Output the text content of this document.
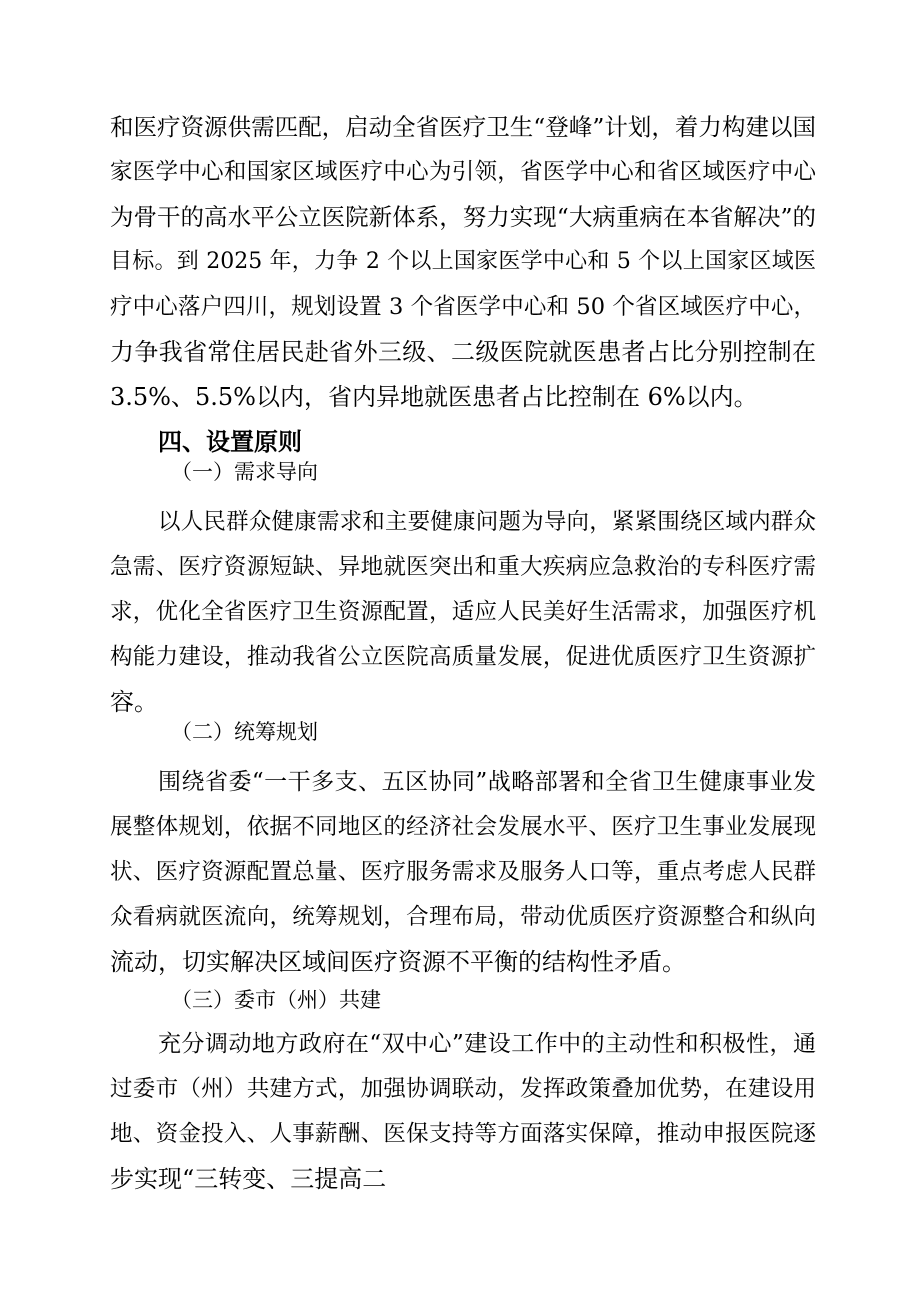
和医疗资源供需匹配，启动全省医疗卫生“登峰”计划，着力构建以国
家医学中心和国家区域医疗中心为引领，省医学中心和省区域医疗中心
为骨干的高水平公立医院新体系，努力实现“大病重病在本省解决”的
目标。到 2025 年，力争 2 个以上国家医学中心和 5 个以上国家区域医
疗中心落户四川，规划设置 3 个省医学中心和 50 个省区域医疗中心，
力争我省常住居民赴省外三级、二级医院就医患者占比分别控制在
3.5%、5.5%以内，省内异地就医患者占比控制在 6%以内。
四、设置原则
（一）需求导向
以人民群众健康需求和主要健康问题为导向，紧紧围绕区域内群众
急需、医疗资源短缺、异地就医突出和重大疾病应急救治的专科医疗需
求，优化全省医疗卫生资源配置，适应人民美好生活需求，加强医疗机
构能力建设，推动我省公立医院高质量发展，促进优质医疗卫生资源扩
容。
（二）统筹规划
围绕省委“一干多支、五区协同”战略部署和全省卫生健康事业发
展整体规划，依据不同地区的经济社会发展水平、医疗卫生事业发展现
状、医疗资源配置总量、医疗服务需求及服务人口等，重点考虑人民群
众看病就医流向，统筹规划，合理布局，带动优质医疗资源整合和纵向
流动，切实解决区域间医疗资源不平衡的结构性矛盾。
（三）委市（州）共建
充分调动地方政府在“双中心”建设工作中的主动性和积极性，通
过委市（州）共建方式，加强协调联动，发挥政策叠加优势，在建设用
地、资金投入、人事薪酬、医保支持等方面落实保障，推动申报医院逐
步实现“三转变、三提高二
